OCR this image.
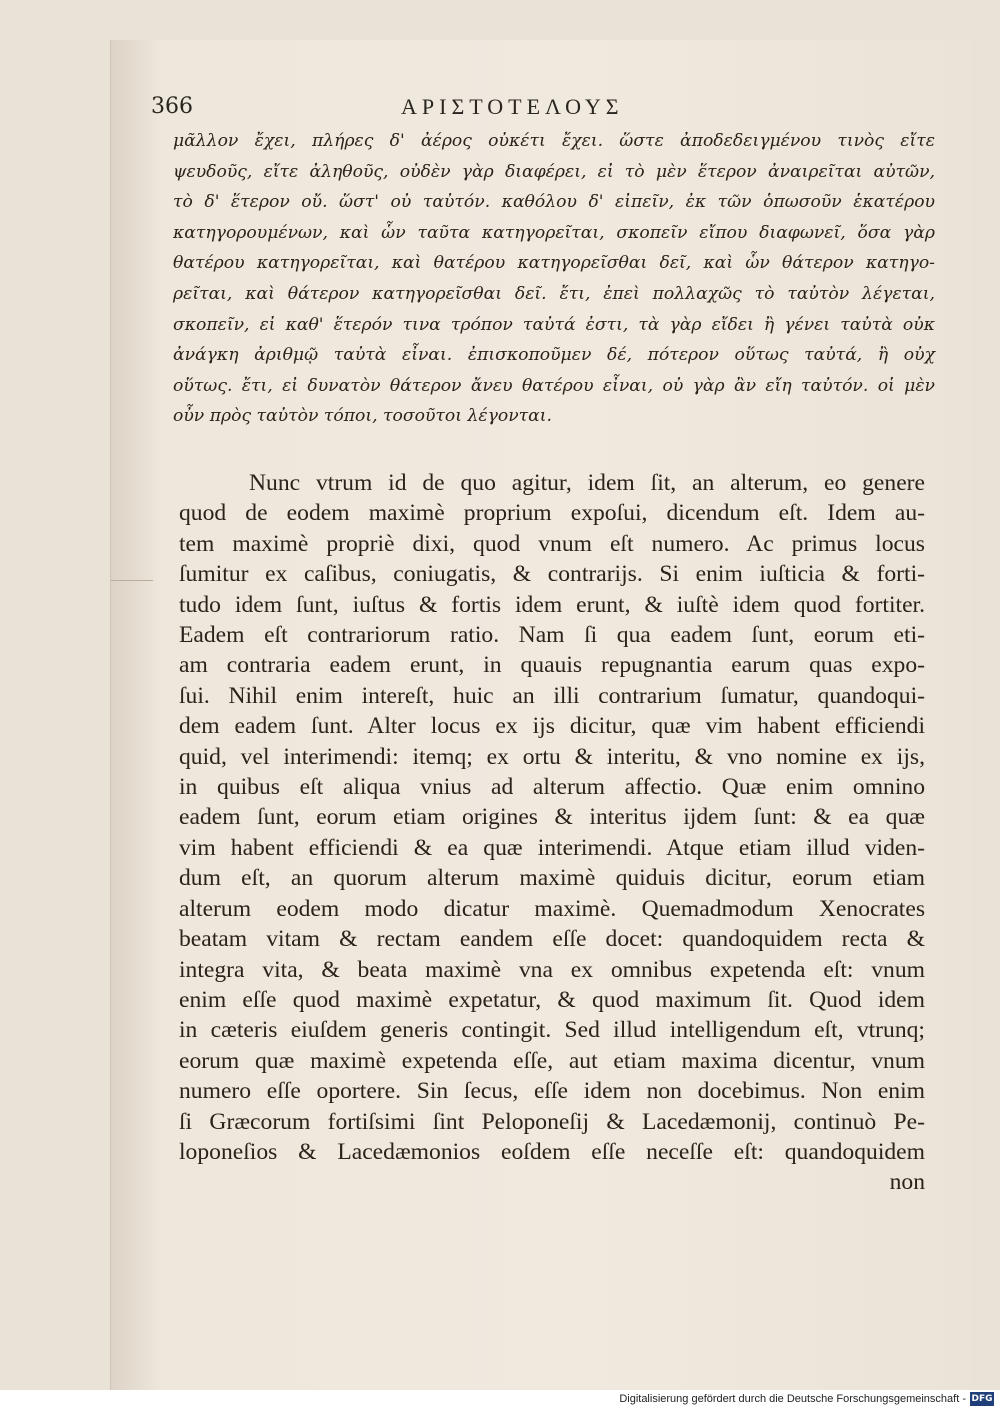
366	ΑΡΙΣΤΟΤΕΛΟΥΣ
μᾶλλον ἔχει, πλήρες δ' ἀέρος οὐκέτι ἔχει. ὥστε ἀποδεδειγμένου τινὸς εἴτε
ψευδοῦς, εἴτε ἀληθοῦς, οὐδὲν γὰρ διαφέρει, εἰ τὸ μὲν ἕτερον ἀναιρεῖται αὐτῶν,
τὸ δ' ἕτερον οὔ. ὥστ' οὐ ταὐτόν. καθόλου δ' εἰπεῖν, ἐκ τῶν ὁπωσοῦν ἑκατέρου
κατηγορουμένων, καὶ ὧν ταῦτα κατηγορεῖται, σκοπεῖν εἴπου διαφωνεῖ, ὅσα γὰρ
θατέρου κατηγορεῖται, καὶ θατέρου κατηγορεῖσθαι δεῖ, καὶ ὧν θάτερον κατηγο-
ρεῖται, καὶ θάτερον κατηγορεῖσθαι δεῖ. ἔτι, ἐπεὶ πολλαχῶς τὸ ταὐτὸν λέγεται,
σκοπεῖν, εἰ καθ' ἕτερόν τινα τρόπον ταὐτά ἐστι, τὰ γὰρ εἴδει ἢ γένει ταὐτὰ οὐκ
ἀνάγκη ἀριθμῷ ταὐτὰ εἶναι. ἐπισκοποῦμεν δέ, πότερον οὕτως ταὐτά, ἢ οὐχ
οὕτως. ἔτι, εἰ δυνατὸν θάτερον ἄνευ θατέρου εἶναι, οὐ γὰρ ἂν εἴη ταὐτόν. οἱ μὲν
οὖν πρὸς ταὐτὸν τόποι, τοσοῦτοι λέγονται.
Nunc vtrum id de quo agitur, idem ſit, an alterum, eo genere
quod de eodem maximè proprium expoſui, dicendum eſt. Idem au-
tem maximè propriè dixi, quod vnum eſt numero. Ac primus locus
ſumitur ex caſibus, coniugatis, & contrarijs. Si enim iuſticia & forti-
tudo idem ſunt, iuſtus & fortis idem erunt, & iuſtè idem quod fortiter.
Eadem eſt contrariorum ratio. Nam ſi qua eadem ſunt, eorum eti-
am contraria eadem erunt, in quauis repugnantia earum quas expo-
ſui. Nihil enim intereſt, huic an illi contrarium ſumatur, quandoqui-
dem eadem ſunt. Alter locus ex ijs dicitur, quæ vim habent efficiendi
quid, vel interimendi: itemq; ex ortu & interitu, & vno nomine ex ijs,
in quibus eſt aliqua vnius ad alterum affectio. Quæ enim omnino
eadem ſunt, eorum etiam origines & interitus ijdem ſunt: & ea quæ
vim habent efficiendi & ea quæ interimendi. Atque etiam illud viden-
dum eſt, an quorum alterum maximè quiduis dicitur, eorum etiam
alterum eodem modo dicatur maximè. Quemadmodum Xenocrates
beatam vitam & rectam eandem eſſe docet: quandoquidem recta &
integra vita, & beata maximè vna ex omnibus expetenda eſt: vnum
enim eſſe quod maximè expetatur, & quod maximum ſit. Quod idem
in cæteris eiuſdem generis contingit. Sed illud intelligendum eſt, vtrunq;
eorum quæ maximè expetenda eſſe, aut etiam maxima dicentur, vnum
numero eſſe oportere. Sin ſecus, eſſe idem non docebimus. Non enim
ſi Græcorum fortiſsimi ſint Peloponeſij & Lacedæmonij, continuò Pe-
loponeſios & Lacedæmonios eoſdem eſſe neceſſe eſt: quandoquidem
non
Digitalisierung gefördert durch die Deutsche Forschungsgemeinschaft - DFG
